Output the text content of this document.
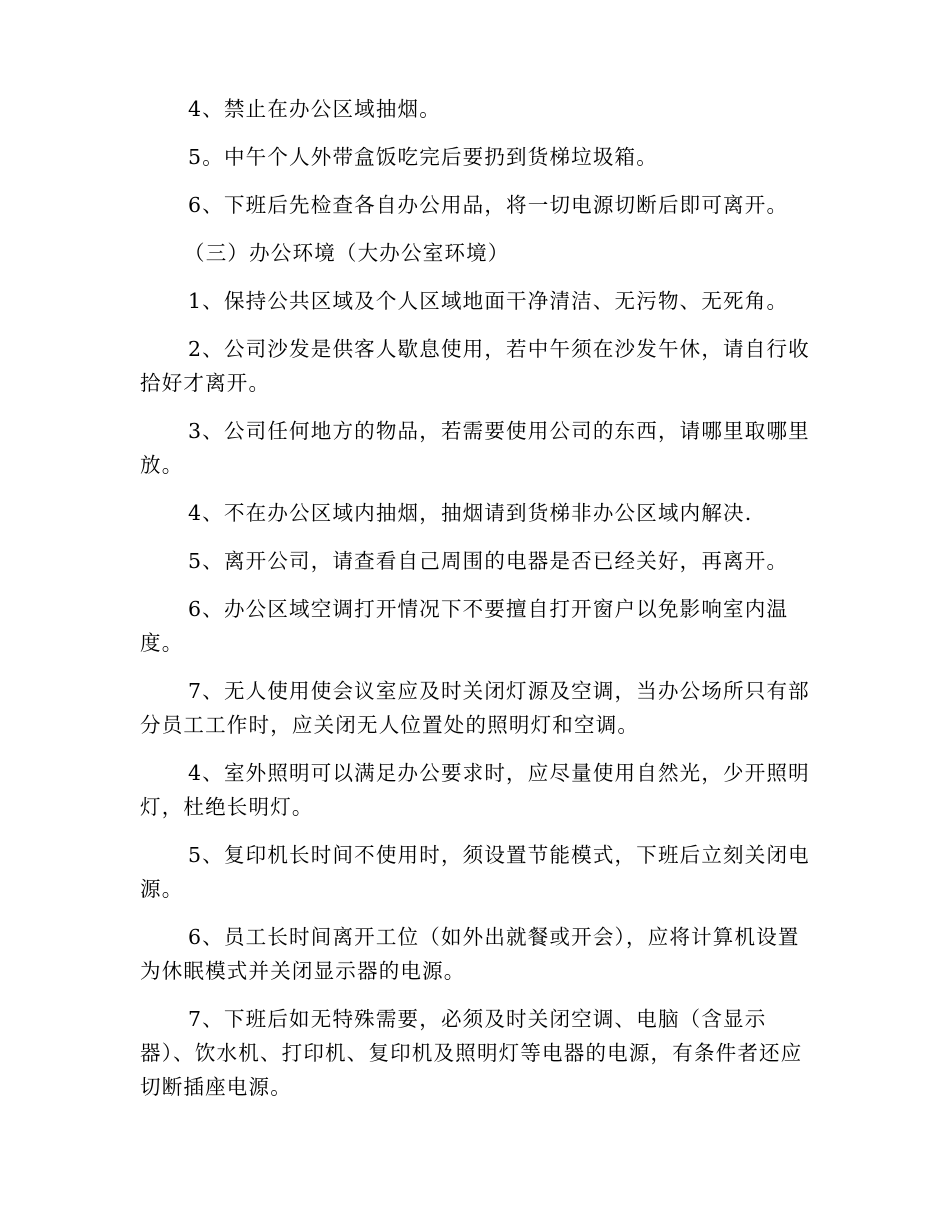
4、禁止在办公区域抽烟。

5。中午个人外带盒饭吃完后要扔到货梯垃圾箱。

6、下班后先检查各自办公用品，将一切电源切断后即可离开。

（三）办公环境（大办公室环境）

1、保持公共区域及个人区域地面干净清洁、无污物、无死角。

2、公司沙发是供客人歇息使用，若中午须在沙发午休，请自行收拾好才离开。

3、公司任何地方的物品，若需要使用公司的东西，请哪里取哪里放。

4、不在办公区域内抽烟，抽烟请到货梯非办公区域内解决.

5、离开公司，请查看自己周围的电器是否已经关好，再离开。

6、办公区域空调打开情况下不要擅自打开窗户以免影响室内温度。

7、无人使用使会议室应及时关闭灯源及空调，当办公场所只有部分员工工作时，应关闭无人位置处的照明灯和空调。

4、室外照明可以满足办公要求时，应尽量使用自然光，少开照明灯，杜绝长明灯。

5、复印机长时间不使用时，须设置节能模式，下班后立刻关闭电源。

6、员工长时间离开工位（如外出就餐或开会），应将计算机设置为休眠模式并关闭显示器的电源。

7、下班后如无特殊需要，必须及时关闭空调、电脑（含显示器）、饮水机、打印机、复印机及照明灯等电器的电源，有条件者还应切断插座电源。
